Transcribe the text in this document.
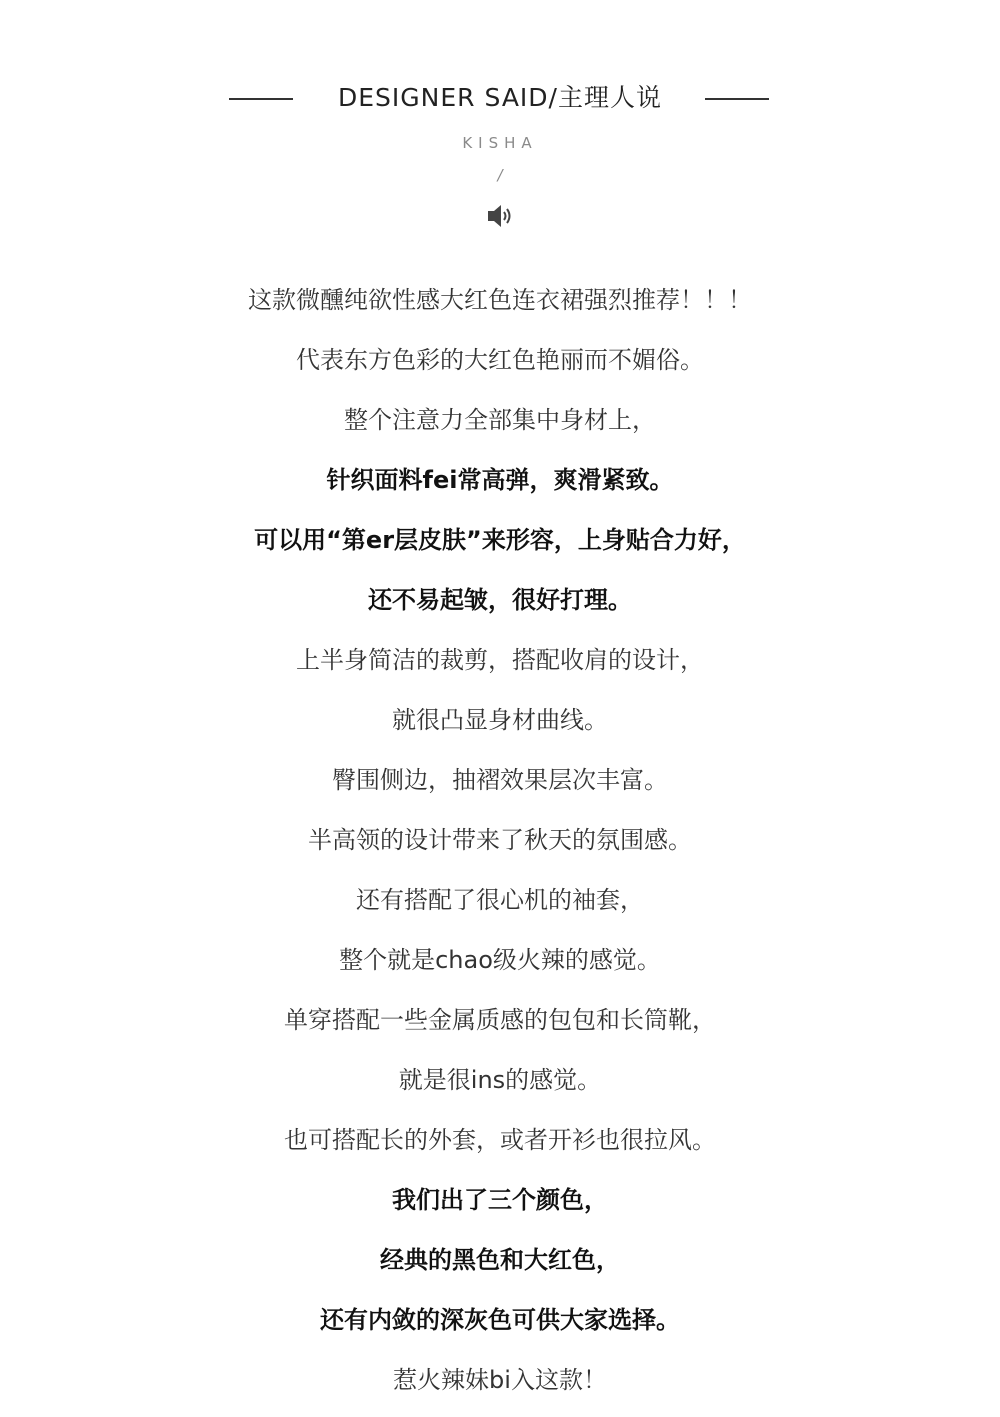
DESIGNER SAID/主理人说
KISHA
/
这款微醺纯欲性感大红色连衣裙强烈推荐！！！
代表东方色彩的大红色艳丽而不媚俗。
整个注意力全部集中身材上，
针织面料fei常高弹，爽滑紧致。
可以用“第er层皮肤”来形容，上身贴合力好，
还不易起皱，很好打理。
上半身简洁的裁剪，搭配收肩的设计，
就很凸显身材曲线。
臀围侧边，抽褶效果层次丰富。
半高领的设计带来了秋天的氛围感。
还有搭配了很心机的袖套，
整个就是chao级火辣的感觉。
单穿搭配一些金属质感的包包和长筒靴，
就是很ins的感觉。
也可搭配长的外套，或者开衫也很拉风。
我们出了三个颜色，
经典的黑色和大红色，
还有内敛的深灰色可供大家选择。
惹火辣妹bi入这款！
